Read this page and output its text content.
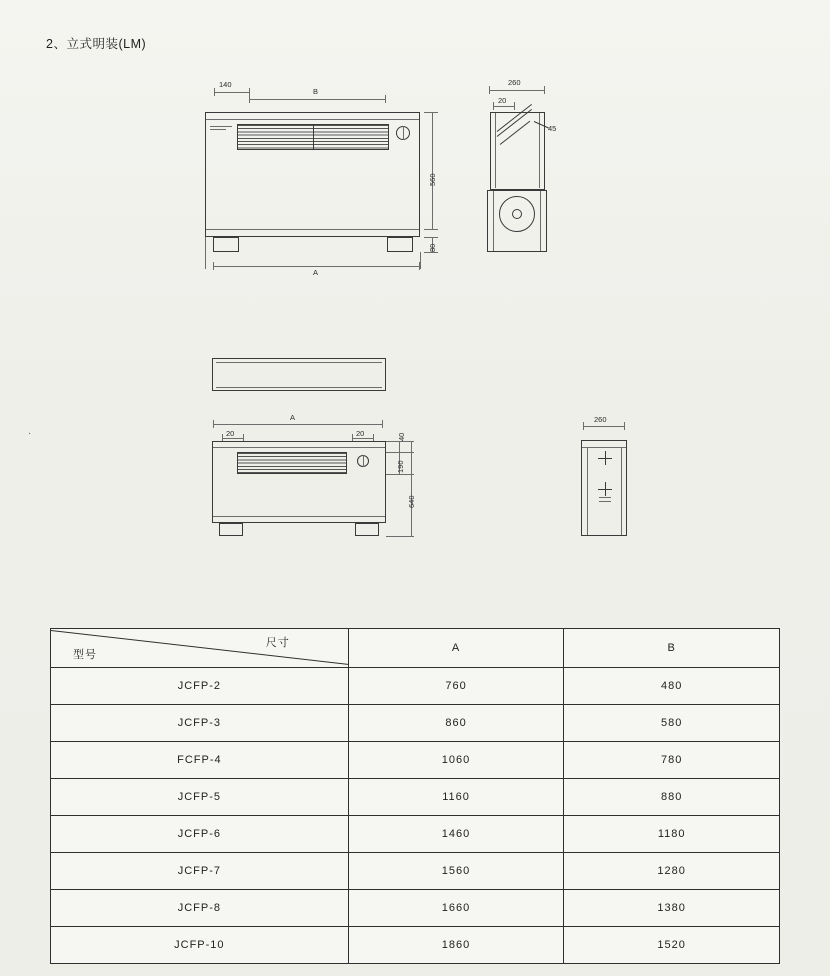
2、立式明装(LM)
·
140
B
560
80
A
260
20
45
A
20	20	40
190
640
260
尺寸
型号	A	B
JCFP-2	760	480
JCFP-3	860	580
FCFP-4	1060	780
JCFP-5	1160	880
JCFP-6	1460	1180
JCFP-7	1560	1280
JCFP-8	1660	1380
JCFP-10	1860	1520
